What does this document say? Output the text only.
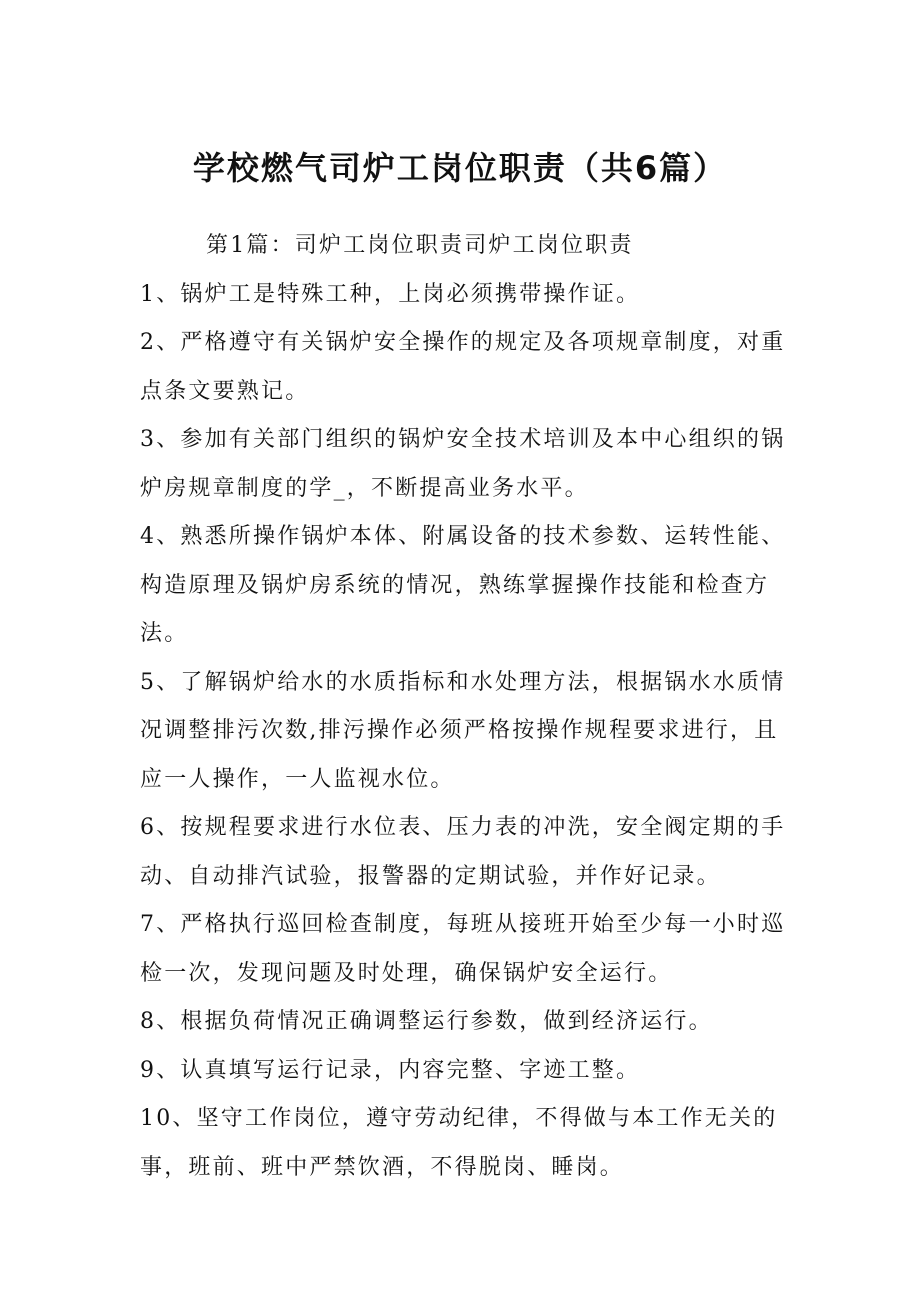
学校燃气司炉工岗位职责（共6篇）

第1篇：司炉工岗位职责司炉工岗位职责

1、锅炉工是特殊工种，上岗必须携带操作证。

2、严格遵守有关锅炉安全操作的规定及各项规章制度，对重点条文要熟记。

3、参加有关部门组织的锅炉安全技术培训及本中心组织的锅炉房规章制度的学_，不断提高业务水平。

4、熟悉所操作锅炉本体、附属设备的技术参数、运转性能、构造原理及锅炉房系统的情况，熟练掌握操作技能和检查方法。

5、了解锅炉给水的水质指标和水处理方法，根据锅水水质情况调整排污次数,排污操作必须严格按操作规程要求进行，且应一人操作，一人监视水位。

6、按规程要求进行水位表、压力表的冲洗，安全阀定期的手动、自动排汽试验，报警器的定期试验，并作好记录。

7、严格执行巡回检查制度，每班从接班开始至少每一小时巡检一次，发现问题及时处理，确保锅炉安全运行。

8、根据负荷情况正确调整运行参数，做到经济运行。

9、认真填写运行记录，内容完整、字迹工整。

10、坚守工作岗位，遵守劳动纪律，不得做与本工作无关的事，班前、班中严禁饮酒，不得脱岗、睡岗。
